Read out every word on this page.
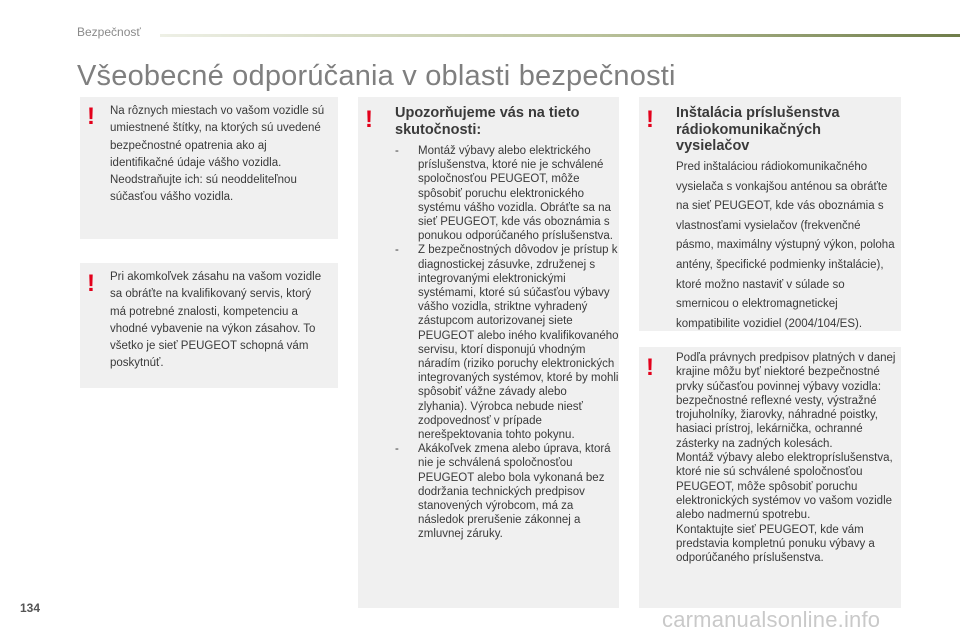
Bezpečnosť
Všeobecné odporúčania v oblasti bezpečnosti
! Na rôznych miestach vo vašom vozidle sú umiestnené štítky, na ktorých sú uvedené bezpečnostné opatrenia ako aj identifikačné údaje vášho vozidla. Neodstraňujte ich: sú neoddeliteľnou súčasťou vášho vozidla.

! Pri akomkoľvek zásahu na vašom vozidle sa obráťte na kvalifikovaný servis, ktorý má potrebné znalosti, kompetenciu a vhodné vybavenie na výkon zásahov. To všetko je sieť PEUGEOT schopná vám poskytnúť.

! Upozorňujeme vás na tieto skutočnosti:
- Montáž výbavy alebo elektrického príslušenstva, ktoré nie je schválené spoločnosťou PEUGEOT, môže spôsobiť poruchu elektronického systému vášho vozidla. Obráťte sa na sieť PEUGEOT, kde vás oboznámia s ponukou odporúčaného príslušenstva.
- Z bezpečnostných dôvodov je prístup k diagnostickej zásuvke, združenej s integrovanými elektronickými systémami, ktoré sú súčasťou výbavy vášho vozidla, striktne vyhradený zástupcom autorizovanej siete PEUGEOT alebo iného kvalifikovaného servisu, ktorí disponujú vhodným náradím (riziko poruchy elektronických integrovaných systémov, ktoré by mohli spôsobiť vážne závady alebo zlyhania). Výrobca nebude niesť zodpovednosť v prípade nerešpektovania tohto pokynu.
- Akákoľvek zmena alebo úprava, ktorá nie je schválená spoločnosťou PEUGEOT alebo bola vykonaná bez dodržania technických predpisov stanovených výrobcom, má za následok prerušenie zákonnej a zmluvnej záruky.
! Inštalácia príslušenstva rádiokomunikačných vysielačov

Pred inštaláciou rádiokomunikačného vysielača s vonkajšou anténou sa obráťte na sieť PEUGEOT, kde vás oboznámia s vlastnosťami vysielačov (frekvenčné pásmo, maximálny výstupný výkon, poloha antény, špecifické podmienky inštalácie), ktoré možno nastaviť v súlade so smernicou o elektromagnetickej kompatibilite vozidiel (2004/104/ES).

! Podľa právnych predpisov platných v danej krajine môžu byť niektoré bezpečnostné prvky súčasťou povinnej výbavy vozidla: bezpečnostné reflexné vesty, výstražné trojuholníky, žiarovky, náhradné poistky, hasiaci prístroj, lekárnička, ochranné zásterky na zadných kolesách.

Montáž výbavy alebo elektropríslušenstva, ktoré nie sú schválené spoločnosťou PEUGEOT, môže spôsobiť poruchu elektronických systémov vo vašom vozidle alebo nadmernú spotrebu.

Kontaktujte sieť PEUGEOT, kde vám predstavia kompletnú ponuku výbavy a odporúčaného príslušenstva.

134	carmanualsonline.info
